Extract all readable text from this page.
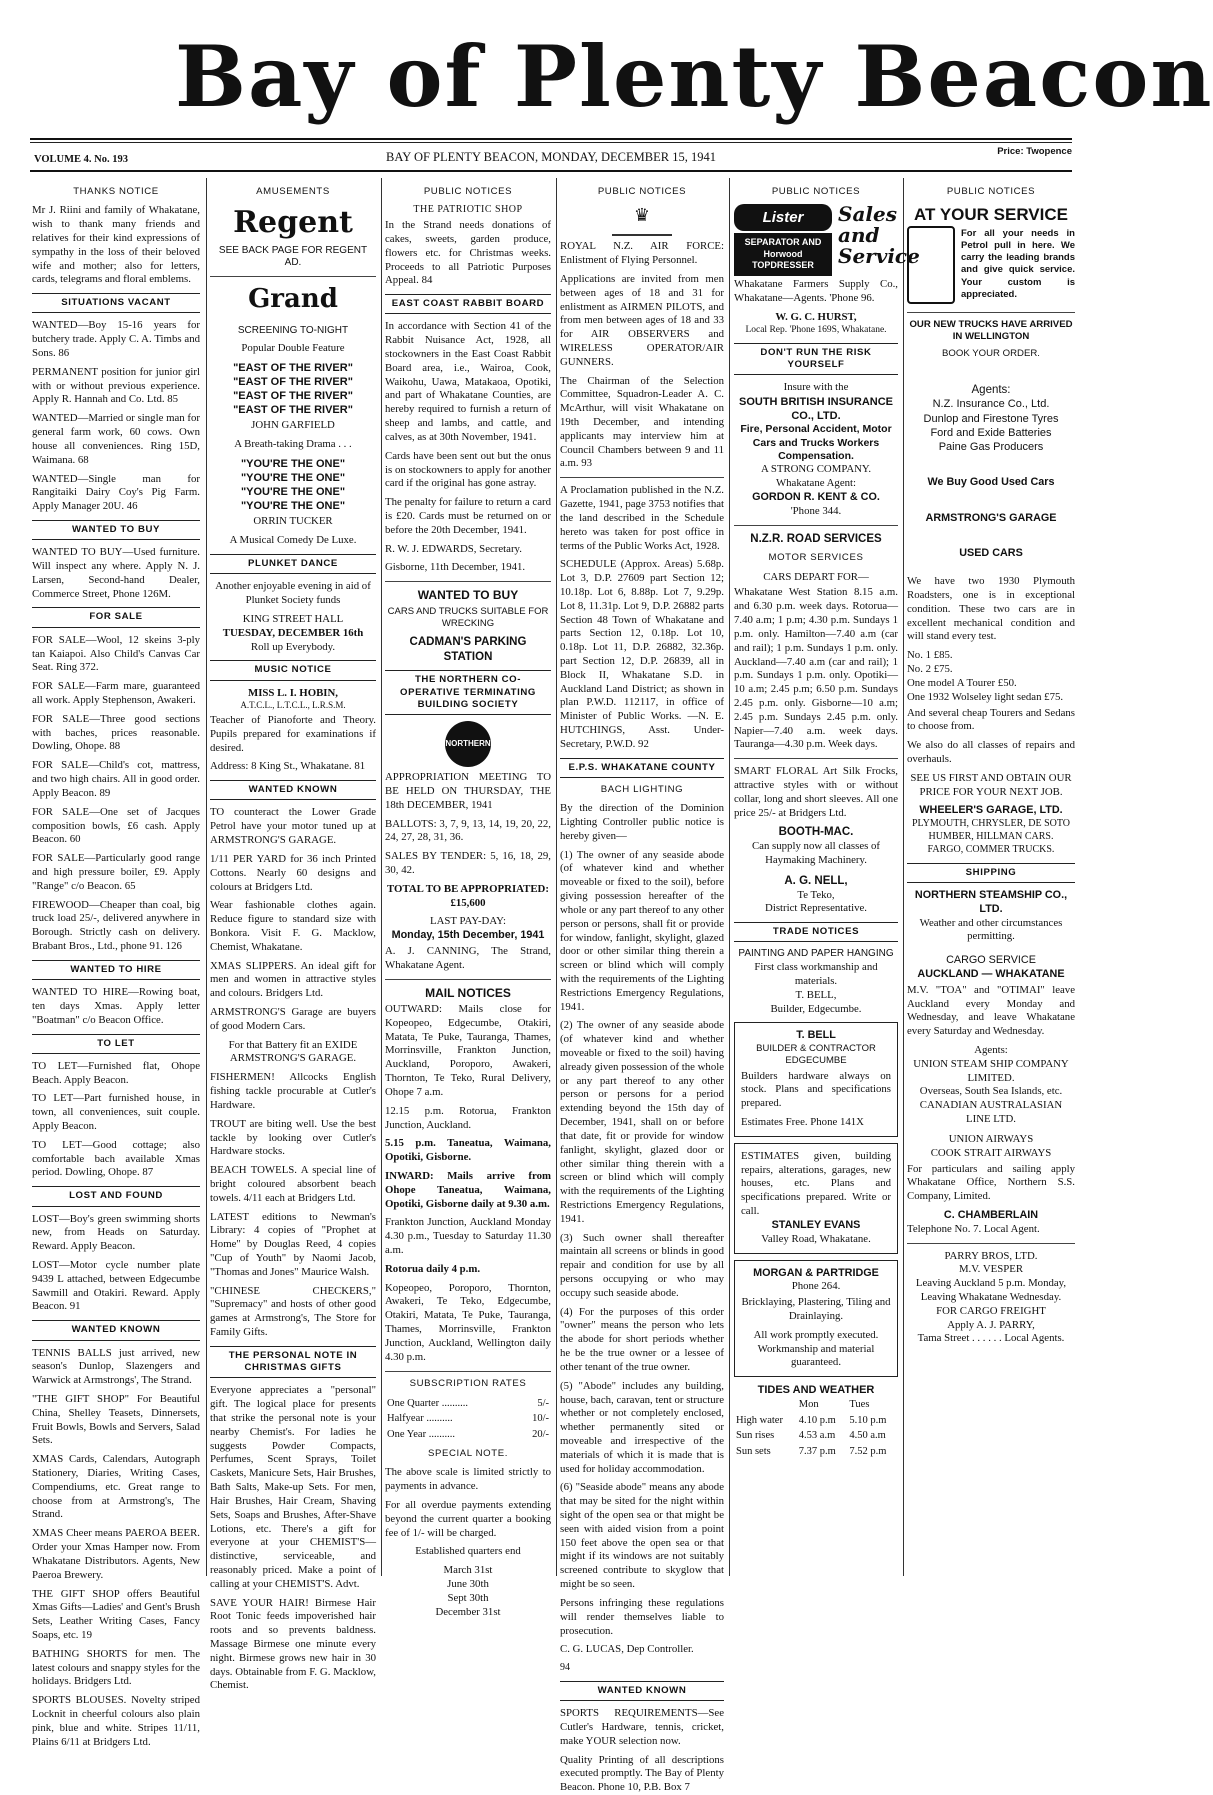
Bay of Plenty Beacon
VOLUME 4. No. 193	BAY OF PLENTY BEACON, MONDAY, DECEMBER 15, 1941	Price: Twopence
THANKS NOTICE

Mr J. Riini and family of Whakatane, wish to thank many friends and relatives for their kind expressions of sympathy in the loss of their beloved wife and mother; also for letters, cards, telegrams and floral emblems.

SITUATIONS VACANT

WANTED—Boy 15-16 years for butchery trade. Apply C. A. Timbs and Sons. 86

PERMANENT position for junior girl with or without previous experience. Apply R. Hannah and Co. Ltd. 85

WANTED—Married or single man for general farm work, 60 cows. Own house all conveniences. Ring 15D, Waimana. 68

WANTED—Single man for Rangitaiki Dairy Coy's Pig Farm. Apply Manager 20U. 46

WANTED TO BUY

WANTED TO BUY—Used furniture. Will inspect any where. Apply N. J. Larsen, Second-hand Dealer, Commerce Street, Phone 126M.

FOR SALE

FOR SALE—Wool, 12 skeins 3-ply tan Kaiapoi. Also Child's Canvas Car Seat. Ring 372.

FOR SALE—Farm mare, guaranteed all work. Apply Stephenson, Awakeri.

FOR SALE—Three good sections with baches, prices reasonable. Dowling, Ohope. 88

FOR SALE—Child's cot, mattress, and two high chairs. All in good order. Apply Beacon. 89

FOR SALE—One set of Jacques composition bowls, £6 cash. Apply Beacon. 60

FOR SALE—Particularly good range and high pressure boiler, £9. Apply "Range" c/o Beacon. 65

FIREWOOD—Cheaper than coal, big truck load 25/-, delivered anywhere in Borough. Strictly cash on delivery. Brabant Bros., Ltd., phone 91. 126

WANTED TO HIRE

WANTED TO HIRE—Rowing boat, ten days Xmas. Apply letter "Boatman" c/o Beacon Office.

TO LET

TO LET—Furnished flat, Ohope Beach. Apply Beacon.

TO LET—Part furnished house, in town, all conveniences, suit couple. Apply Beacon.

TO LET—Good cottage; also comfortable bach available Xmas period. Dowling, Ohope. 87

LOST AND FOUND

LOST—Boy's green swimming shorts new, from Heads on Saturday. Reward. Apply Beacon.

LOST—Motor cycle number plate 9439 L attached, between Edgecumbe Sawmill and Otakiri. Reward. Apply Beacon. 91

WANTED KNOWN

TENNIS BALLS just arrived, new season's Dunlop, Slazengers and Warwick at Armstrongs', The Strand.

"THE GIFT SHOP" For Beautiful China, Shelley Teasets, Dinnersets, Fruit Bowls, Bowls and Servers, Salad Sets.

XMAS Cards, Calendars, Autograph Stationery, Diaries, Writing Cases, Compendiums, etc. Great range to choose from at Armstrong's, The Strand.

XMAS Cheer means PAEROA BEER. Order your Xmas Hamper now. From Whakatane Distributors. Agents, New Paeroa Brewery.

THE GIFT SHOP offers Beautiful Xmas Gifts—Ladies' and Gent's Brush Sets, Leather Writing Cases, Fancy Soaps, etc. 19

BATHING SHORTS for men. The latest colours and snappy styles for the holidays. Bridgers Ltd.

SPORTS BLOUSES. Novelty striped Locknit in cheerful colours also plain pink, blue and white. Stripes 11/11, Plains 6/11 at Bridgers Ltd.

AMUSEMENTS
Regent

SEE BACK PAGE FOR REGENT AD.

Grand

SCREENING TO-NIGHT

Popular Double Feature

"EAST OF THE RIVER"
"EAST OF THE RIVER"
"EAST OF THE RIVER"
"EAST OF THE RIVER"

JOHN GARFIELD

A Breath-taking Drama . . .

"YOU'RE THE ONE"
"YOU'RE THE ONE"
"YOU'RE THE ONE"
"YOU'RE THE ONE"

ORRIN TUCKER

A Musical Comedy De Luxe.

PLUNKET DANCE

Another enjoyable evening in aid of Plunket Society funds

KING STREET HALL
TUESDAY, DECEMBER 16th
Roll up Everybody.
MUSIC NOTICE
MISS L. I. HOBIN,
A.T.C.L., L.T.C.L., L.R.S.M.

Teacher of Pianoforte and Theory. Pupils prepared for examinations if desired.

Address: 8 King St., Whakatane. 81

WANTED KNOWN

TO counteract the Lower Grade Petrol have your motor tuned up at ARMSTRONG'S GARAGE.

1/11 PER YARD for 36 inch Printed Cottons. Nearly 60 designs and colours at Bridgers Ltd.

Wear fashionable clothes again. Reduce figure to standard size with Bonkora. Visit F. G. Macklow, Chemist, Whakatane.

XMAS SLIPPERS. An ideal gift for men and women in attractive styles and colours. Bridgers Ltd.

ARMSTRONG'S Garage are buyers of good Modern Cars.

For that Battery fit an EXIDE ARMSTRONG'S GARAGE.

FISHERMEN! Allcocks English fishing tackle procurable at Cutler's Hardware.

TROUT are biting well. Use the best tackle by looking over Cutler's Hardware stocks.

BEACH TOWELS. A special line of bright coloured absorbent beach towels. 4/11 each at Bridgers Ltd.

LATEST editions to Newman's Library: 4 copies of "Prophet at Home" by Douglas Reed, 4 copies "Cup of Youth" by Naomi Jacob, "Thomas and Jones" Maurice Walsh.

"CHINESE CHECKERS," "Supremacy" and hosts of other good games at Armstrong's, The Store for Family Gifts.

THE PERSONAL NOTE IN CHRISTMAS GIFTS

Everyone appreciates a "personal" gift. The logical place for presents that strike the personal note is your nearby Chemist's. For ladies he suggests Powder Compacts, Perfumes, Scent Sprays, Toilet Caskets, Manicure Sets, Hair Brushes, Bath Salts, Make-up Sets. For men, Hair Brushes, Hair Cream, Shaving Sets, Soaps and Brushes, After-Shave Lotions, etc. There's a gift for everyone at your CHEMIST'S—distinctive, serviceable, and reasonably priced. Make a point of calling at your CHEMIST'S. Advt.

SAVE YOUR HAIR! Birmese Hair Root Tonic feeds impoverished hair roots and so prevents baldness. Massage Birmese one minute every night. Birmese grows new hair in 30 days. Obtainable from F. G. Macklow, Chemist.

PUBLIC NOTICES
THE PATRIOTIC SHOP

In the Strand needs donations of cakes, sweets, garden produce, flowers etc. for Christmas weeks. Proceeds to all Patriotic Purposes Appeal. 84

EAST COAST RABBIT BOARD

In accordance with Section 41 of the Rabbit Nuisance Act, 1928, all stockowners in the East Coast Rabbit Board area, i.e., Wairoa, Cook, Waikohu, Uawa, Matakaoa, Opotiki, and part of Whakatane Counties, are hereby required to furnish a return of sheep and lambs, and cattle, and calves, as at 30th November, 1941.

Cards have been sent out but the onus is on stockowners to apply for another card if the original has gone astray.

The penalty for failure to return a card is £20. Cards must be returned on or before the 20th December, 1941.

R. W. J. EDWARDS, Secretary.

Gisborne, 11th December, 1941.

WANTED TO BUY

CARS AND TRUCKS SUITABLE FOR WRECKING

CADMAN'S PARKING STATION
THE NORTHERN CO-OPERATIVE TERMINATING BUILDING SOCIETY
NORTHERN

APPROPRIATION MEETING TO BE HELD ON THURSDAY, THE 18th DECEMBER, 1941

BALLOTS: 3, 7, 9, 13, 14, 19, 20, 22, 24, 27, 28, 31, 36.

SALES BY TENDER: 5, 16, 18, 29, 30, 42.

TOTAL TO BE APPROPRIATED: £15,600

LAST PAY-DAY:
Monday, 15th December, 1941

A. J. CANNING, The Strand, Whakatane Agent.

MAIL NOTICES

OUTWARD: Mails close for Kopeopeo, Edgecumbe, Otakiri, Matata, Te Puke, Tauranga, Thames, Morrinsville, Frankton Junction, Auckland, Poroporo, Awakeri, Thornton, Te Teko, Rural Delivery, Ohope 7 a.m.

12.15 p.m. Rotorua, Frankton Junction, Auckland.

5.15 p.m. Taneatua, Waimana, Opotiki, Gisborne.

INWARD: Mails arrive from Ohope Taneatua, Waimana, Opotiki, Gisborne daily at 9.30 a.m.

Frankton Junction, Auckland Monday 4.30 p.m., Tuesday to Saturday 11.30 a.m.

Rotorua daily 4 p.m.

Kopeopeo, Poroporo, Thornton, Awakeri, Te Teko, Edgecumbe, Otakiri, Matata, Te Puke, Tauranga, Thames, Morrinsville, Frankton Junction, Auckland, Wellington daily 4.30 p.m.

SUBSCRIPTION RATES
One Quarter ..........	5/-
Halfyear ..........	10/-
One Year ..........	20/-
SPECIAL NOTE.

The above scale is limited strictly to payments in advance.

For all overdue payments extending beyond the current quarter a booking fee of 1/- will be charged.

Established quarters end

March 31st
June 30th
Sept 30th
December 31st
PUBLIC NOTICES
♛

ROYAL N.Z. AIR FORCE: Enlistment of Flying Personnel.

Applications are invited from men between ages of 18 and 31 for enlistment as AIRMEN PILOTS, and from men between ages of 18 and 33 for AIR OBSERVERS and WIRELESS OPERATOR/AIR GUNNERS.

The Chairman of the Selection Committee, Squadron-Leader A. C. McArthur, will visit Whakatane on 19th December, and intending applicants may interview him at Council Chambers between 9 and 11 a.m. 93

A Proclamation published in the N.Z. Gazette, 1941, page 3753 notifies that the land described in the Schedule hereto was taken for post office in terms of the Public Works Act, 1928.

SCHEDULE (Approx. Areas) 5.68p. Lot 3, D.P. 27609 part Section 12; 10.18p. Lot 6, 8.88p. Lot 7, 9.29p. Lot 8, 11.31p. Lot 9, D.P. 26882 parts Section 48 Town of Whakatane and parts Section 12, 0.18p. Lot 10, 0.18p. Lot 11, D.P. 26882, 32.36p. part Section 12, D.P. 26839, all in Block II, Whakatane S.D. in Auckland Land District; as shown in plan P.W.D. 112117, in office of Minister of Public Works. —N. E. HUTCHINGS, Asst. Under-Secretary, P.W.D. 92

E.P.S. WHAKATANE COUNTY
BACH LIGHTING

By the direction of the Dominion Lighting Controller public notice is hereby given—

(1) The owner of any seaside abode (of whatever kind and whether moveable or fixed to the soil), before giving possession hereafter of the whole or any part thereof to any other person or persons, shall fit or provide for window, fanlight, skylight, glazed door or other similar thing therein a screen or blind which will comply with the requirements of the Lighting Restrictions Emergency Regulations, 1941.

(2) The owner of any seaside abode (of whatever kind and whether moveable or fixed to the soil) having already given possession of the whole or any part thereof to any other person or persons for a period extending beyond the 15th day of December, 1941, shall on or before that date, fit or provide for window fanlight, skylight, glazed door or other similar thing therein with a screen or blind which will comply with the requirements of the Lighting Restrictions Emergency Regulations, 1941.

(3) Such owner shall thereafter maintain all screens or blinds in good repair and condition for use by all persons occupying or who may occupy such seaside abode.

(4) For the purposes of this order "owner" means the person who lets the abode for short periods whether he be the true owner or a lessee of other tenant of the true owner.

(5) "Abode" includes any building, house, bach, caravan, tent or structure whether or not completely enclosed, whether permanently sited or moveable and irrespective of the materials of which it is made that is used for holiday accommodation.

(6) "Seaside abode" means any abode that may be sited for the night within sight of the open sea or that might be seen with aided vision from a point 150 feet above the open sea or that might if its windows are not suitably screened contribute to skyglow that might be so seen.

Persons infringing these regulations will render themselves liable to prosecution.

C. G. LUCAS, Dep Controller.

94
WANTED KNOWN

SPORTS REQUIREMENTS—See Cutler's Hardware, tennis, cricket, make YOUR selection now.

Quality Printing of all descriptions executed promptly. The Bay of Plenty Beacon. Phone 10, P.B. Box 7

PUBLIC NOTICES
Lister
SEPARATOR AND Horwood TOPDRESSER
Sales and Service

Whakatane Farmers Supply Co., Whakatane—Agents. 'Phone 96.

W. G. C. HURST,
Local Rep. 'Phone 169S, Whakatane.
DON'T RUN THE RISK YOURSELF
Insure with the
SOUTH BRITISH INSURANCE CO., LTD.
Fire, Personal Accident, Motor Cars and Trucks Workers Compensation.
A STRONG COMPANY.
Whakatane Agent:
GORDON R. KENT & CO.
'Phone 344.
N.Z.R. ROAD SERVICES
MOTOR SERVICES
CARS DEPART FOR—

Whakatane West Station 8.15 a.m. and 6.30 p.m. week days. Rotorua—7.40 a.m; 1 p.m; 4.30 p.m. Sundays 1 p.m. only. Hamilton—7.40 a.m (car and rail); 1 p.m. Sundays 1 p.m. only. Auckland—7.40 a.m (car and rail); 1 p.m. Sundays 1 p.m. only. Opotiki—10 a.m; 2.45 p.m; 6.50 p.m. Sundays 2.45 p.m. only. Gisborne—10 a.m; 2.45 p.m. Sundays 2.45 p.m. only. Napier—7.40 a.m. week days. Tauranga—4.30 p.m. Week days.

SMART FLORAL Art Silk Frocks, attractive styles with or without collar, long and short sleeves. All one price 25/- at Bridgers Ltd.

BOOTH-MAC.
Can supply now all classes of Haymaking Machinery.
A. G. NELL,
Te Teko,
District Representative.
TRADE NOTICES
PAINTING AND PAPER HANGING
First class workmanship and materials.
T. BELL,
Builder, Edgecumbe.
T. BELL
BUILDER & CONTRACTOR EDGECUMBE

Builders hardware always on stock. Plans and specifications prepared.

Estimates Free. Phone 141X

ESTIMATES given, building repairs, alterations, garages, new houses, etc. Plans and specifications prepared. Write or call.

STANLEY EVANS
Valley Road, Whakatane.
MORGAN & PARTRIDGE
Phone 264.

Bricklaying, Plastering, Tiling and Drainlaying.

All work promptly executed. Workmanship and material guaranteed.

TIDES AND WEATHER
	Mon	Tues
High water	4.10 p.m	5.10 p.m
Sun rises	4.53 a.m	4.50 a.m
Sun sets	7.37 p.m	7.52 p.m
PUBLIC NOTICES
AT YOUR SERVICE

For all your needs in Petrol pull in here. We carry the leading brands and give quick service. Your custom is appreciated.

OUR NEW TRUCKS HAVE ARRIVED IN WELLINGTON

BOOK YOUR ORDER.
Agents:
N.Z. Insurance Co., Ltd.
Dunlop and Firestone Tyres
Ford and Exide Batteries
Paine Gas Producers
We Buy Good Used Cars
ARMSTRONG'S GARAGE
USED CARS

We have two 1930 Plymouth Roadsters, one is in exceptional condition. These two cars are in excellent mechanical condition and will stand every test.

No. 1 £85.
No. 2 £75.
One model A Tourer £50.
One 1932 Wolseley light sedan £75.

And several cheap Tourers and Sedans to choose from.

We also do all classes of repairs and overhauls.

SEE US FIRST AND OBTAIN OUR PRICE FOR YOUR NEXT JOB.

WHEELER'S GARAGE, LTD.
PLYMOUTH, CHRYSLER, DE SOTO HUMBER, HILLMAN CARS.
FARGO, COMMER TRUCKS.
SHIPPING
NORTHERN STEAMSHIP CO., LTD.
Weather and other circumstances permitting.
CARGO SERVICE
AUCKLAND — WHAKATANE

M.V. "TOA" and "OTIMAI" leave Auckland every Monday and Wednesday, and leave Whakatane every Saturday and Wednesday.

Agents:
UNION STEAM SHIP COMPANY LIMITED.
Overseas, South Sea Islands, etc.
CANADIAN AUSTRALASIAN LINE LTD.
UNION AIRWAYS
COOK STRAIT AIRWAYS

For particulars and sailing apply Whakatane Office, Northern S.S. Company, Limited.

C. CHAMBERLAIN
Telephone No. 7. Local Agent.
PARRY BROS, LTD.
M.V. VESPER
Leaving Auckland 5 p.m. Monday, Leaving Whakatane Wednesday.
FOR CARGO FREIGHT
Apply A. J. PARRY,
Tama Street . . . . . . Local Agents.
